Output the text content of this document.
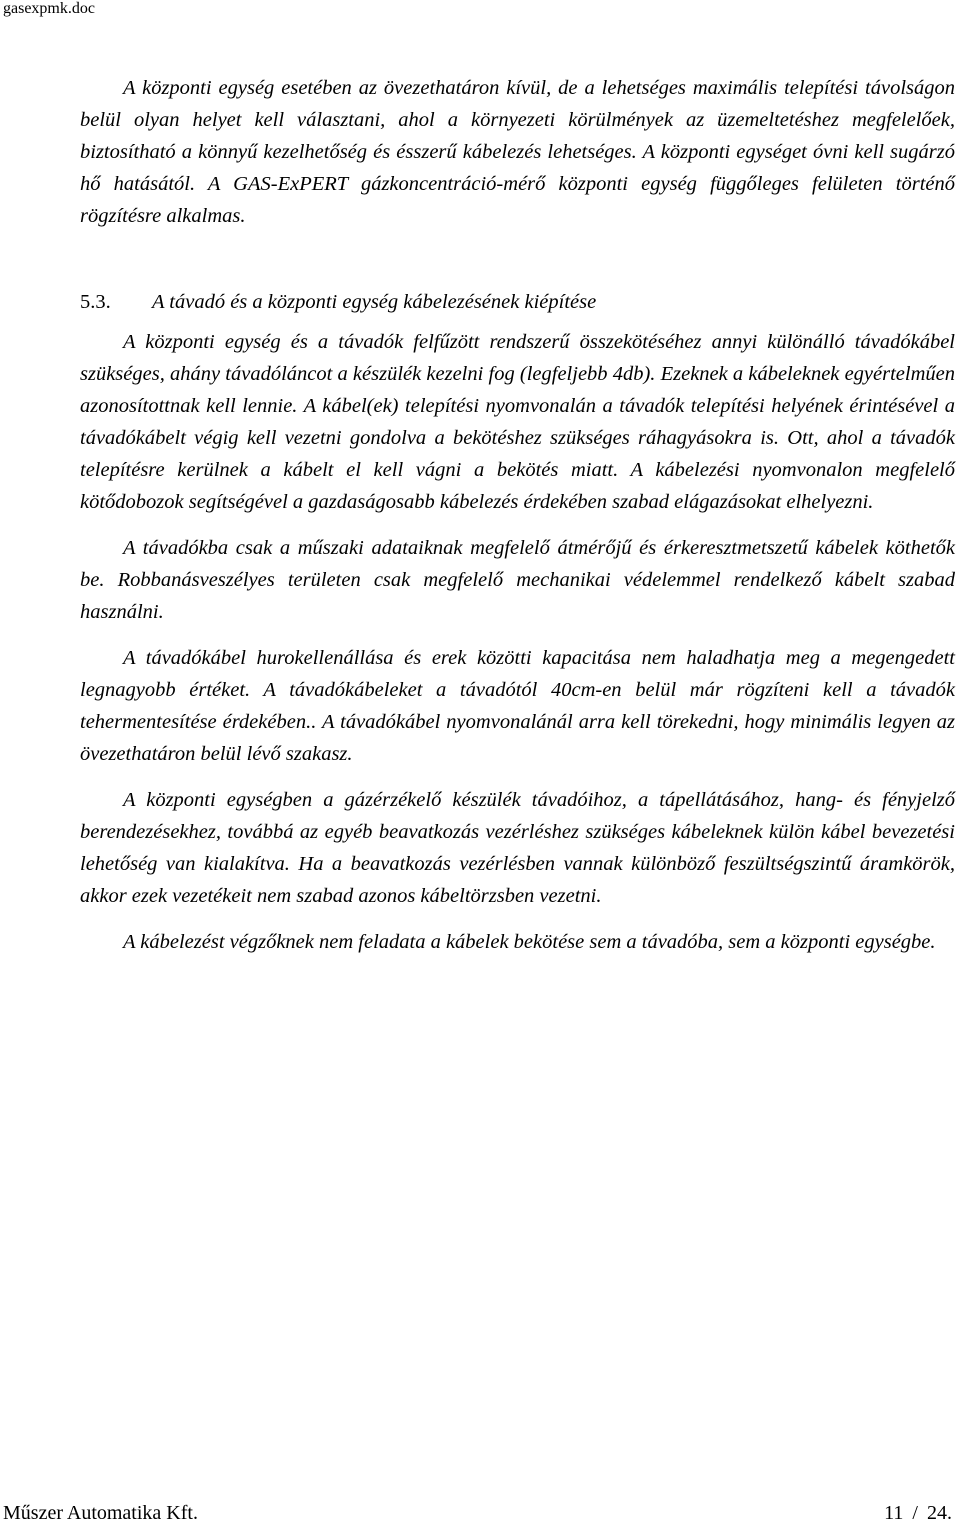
gasexpmk.doc

A központi egység esetében az övezethatáron kívül, de a lehetséges maximális telepítési távolságon belül olyan helyet kell választani, ahol a környezeti körülmények az üzemeltetéshez megfelelőek, biztosítható a könnyű kezelhetőség és ésszerű kábelezés lehetséges. A központi egységet óvni kell sugárzó hő hatásától. A GAS-ExPERT gázkoncentráció-mérő központi egység függőleges felületen történő rögzítésre alkalmas.

5.3. A távadó és a központi egység kábelezésének kiépítése

A központi egység és a távadók felfűzött rendszerű összekötéséhez annyi különálló távadókábel szükséges, ahány távadóláncot a készülék kezelni fog (legfeljebb 4db). Ezeknek a kábeleknek egyértelműen azonosítottnak kell lennie. A kábel(ek) telepítési nyomvonalán a távadók telepítési helyének érintésével a távadókábelt végig kell vezetni gondolva a bekötéshez szükséges ráhagyásokra is. Ott, ahol a távadók telepítésre kerülnek a kábelt el kell vágni a bekötés miatt. A kábelezési nyomvonalon megfelelő kötődobozok segítségével a gazdaságosabb kábelezés érdekében szabad elágazásokat elhelyezni.

A távadókba csak a műszaki adataiknak megfelelő átmérőjű és érkeresztmetszetű kábelek köthetők be. Robbanásveszélyes területen csak megfelelő mechanikai védelemmel rendelkező kábelt szabad használni.

A távadókábel hurokellenállása és erek közötti kapacitása nem haladhatja meg a megengedett legnagyobb értéket. A távadókábeleket a távadótól 40cm-en belül már rögzíteni kell a távadók tehermentesítése érdekében.. A távadókábel nyomvonalánál arra kell törekedni, hogy minimális legyen az övezethatáron belül lévő szakasz.

A központi egységben a gázérzékelő készülék távadóihoz, a tápellátásához, hang- és fényjelző berendezésekhez, továbbá az egyéb beavatkozás vezérléshez szükséges kábeleknek külön kábel bevezetési lehetőség van kialakítva. Ha a beavatkozás vezérlésben vannak különböző feszültségszintű áramkörök, akkor ezek vezetékeit nem szabad azonos kábeltörzsben vezetni.

A kábelezést végzőknek nem feladata a kábelek bekötése sem a távadóba, sem a központi egységbe.

Műszer Automatika Kft.	11 / 24.
